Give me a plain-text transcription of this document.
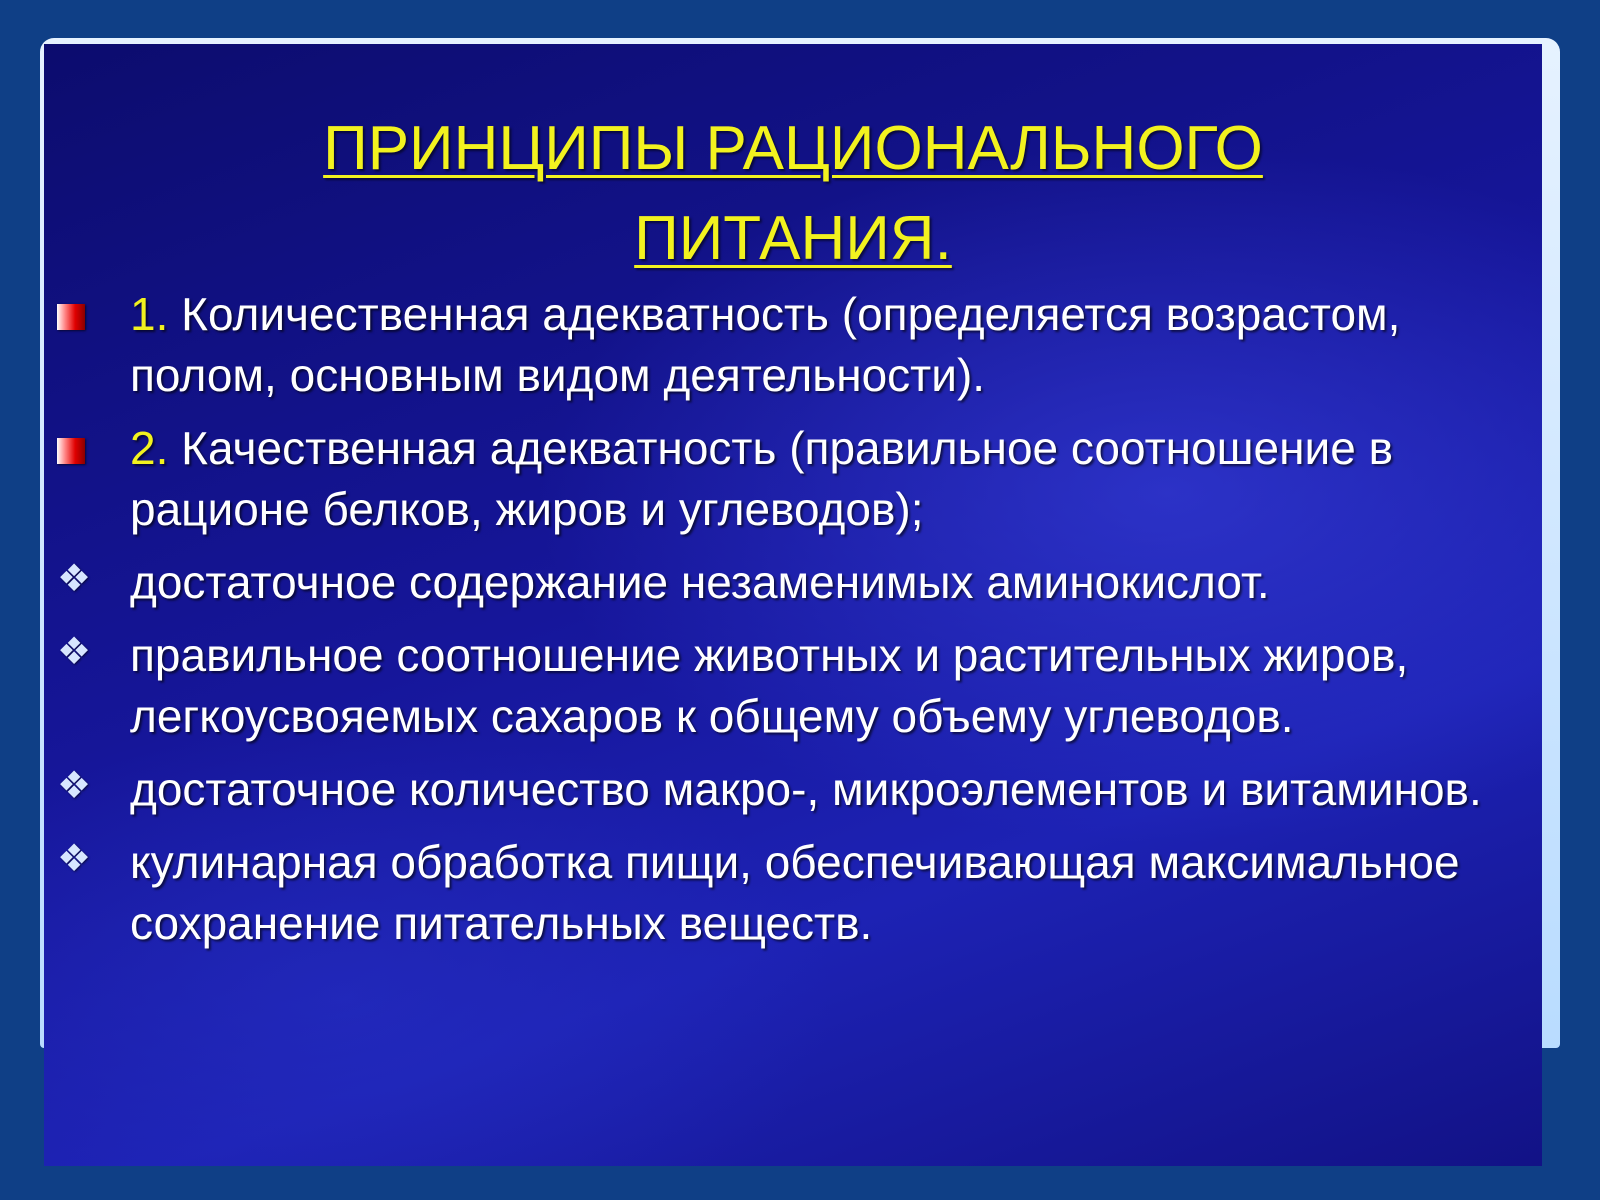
ПРИНЦИПЫ РАЦИОНАЛЬНОГО
ПИТАНИЯ.
1. Количественная адекватность (определяется возрастом, полом, основным видом деятельности).
2. Качественная адекватность (правильное соотношение в рационе белков, жиров и углеводов);
❖ достаточное содержание незаменимых аминокислот.
❖ правильное соотношение животных и растительных жиров, легкоусвояемых сахаров к общему объему углеводов.
❖ достаточное количество макро-, микроэлементов и витаминов.
❖ кулинарная обработка пищи, обеспечивающая максимальное сохранение питательных веществ.
